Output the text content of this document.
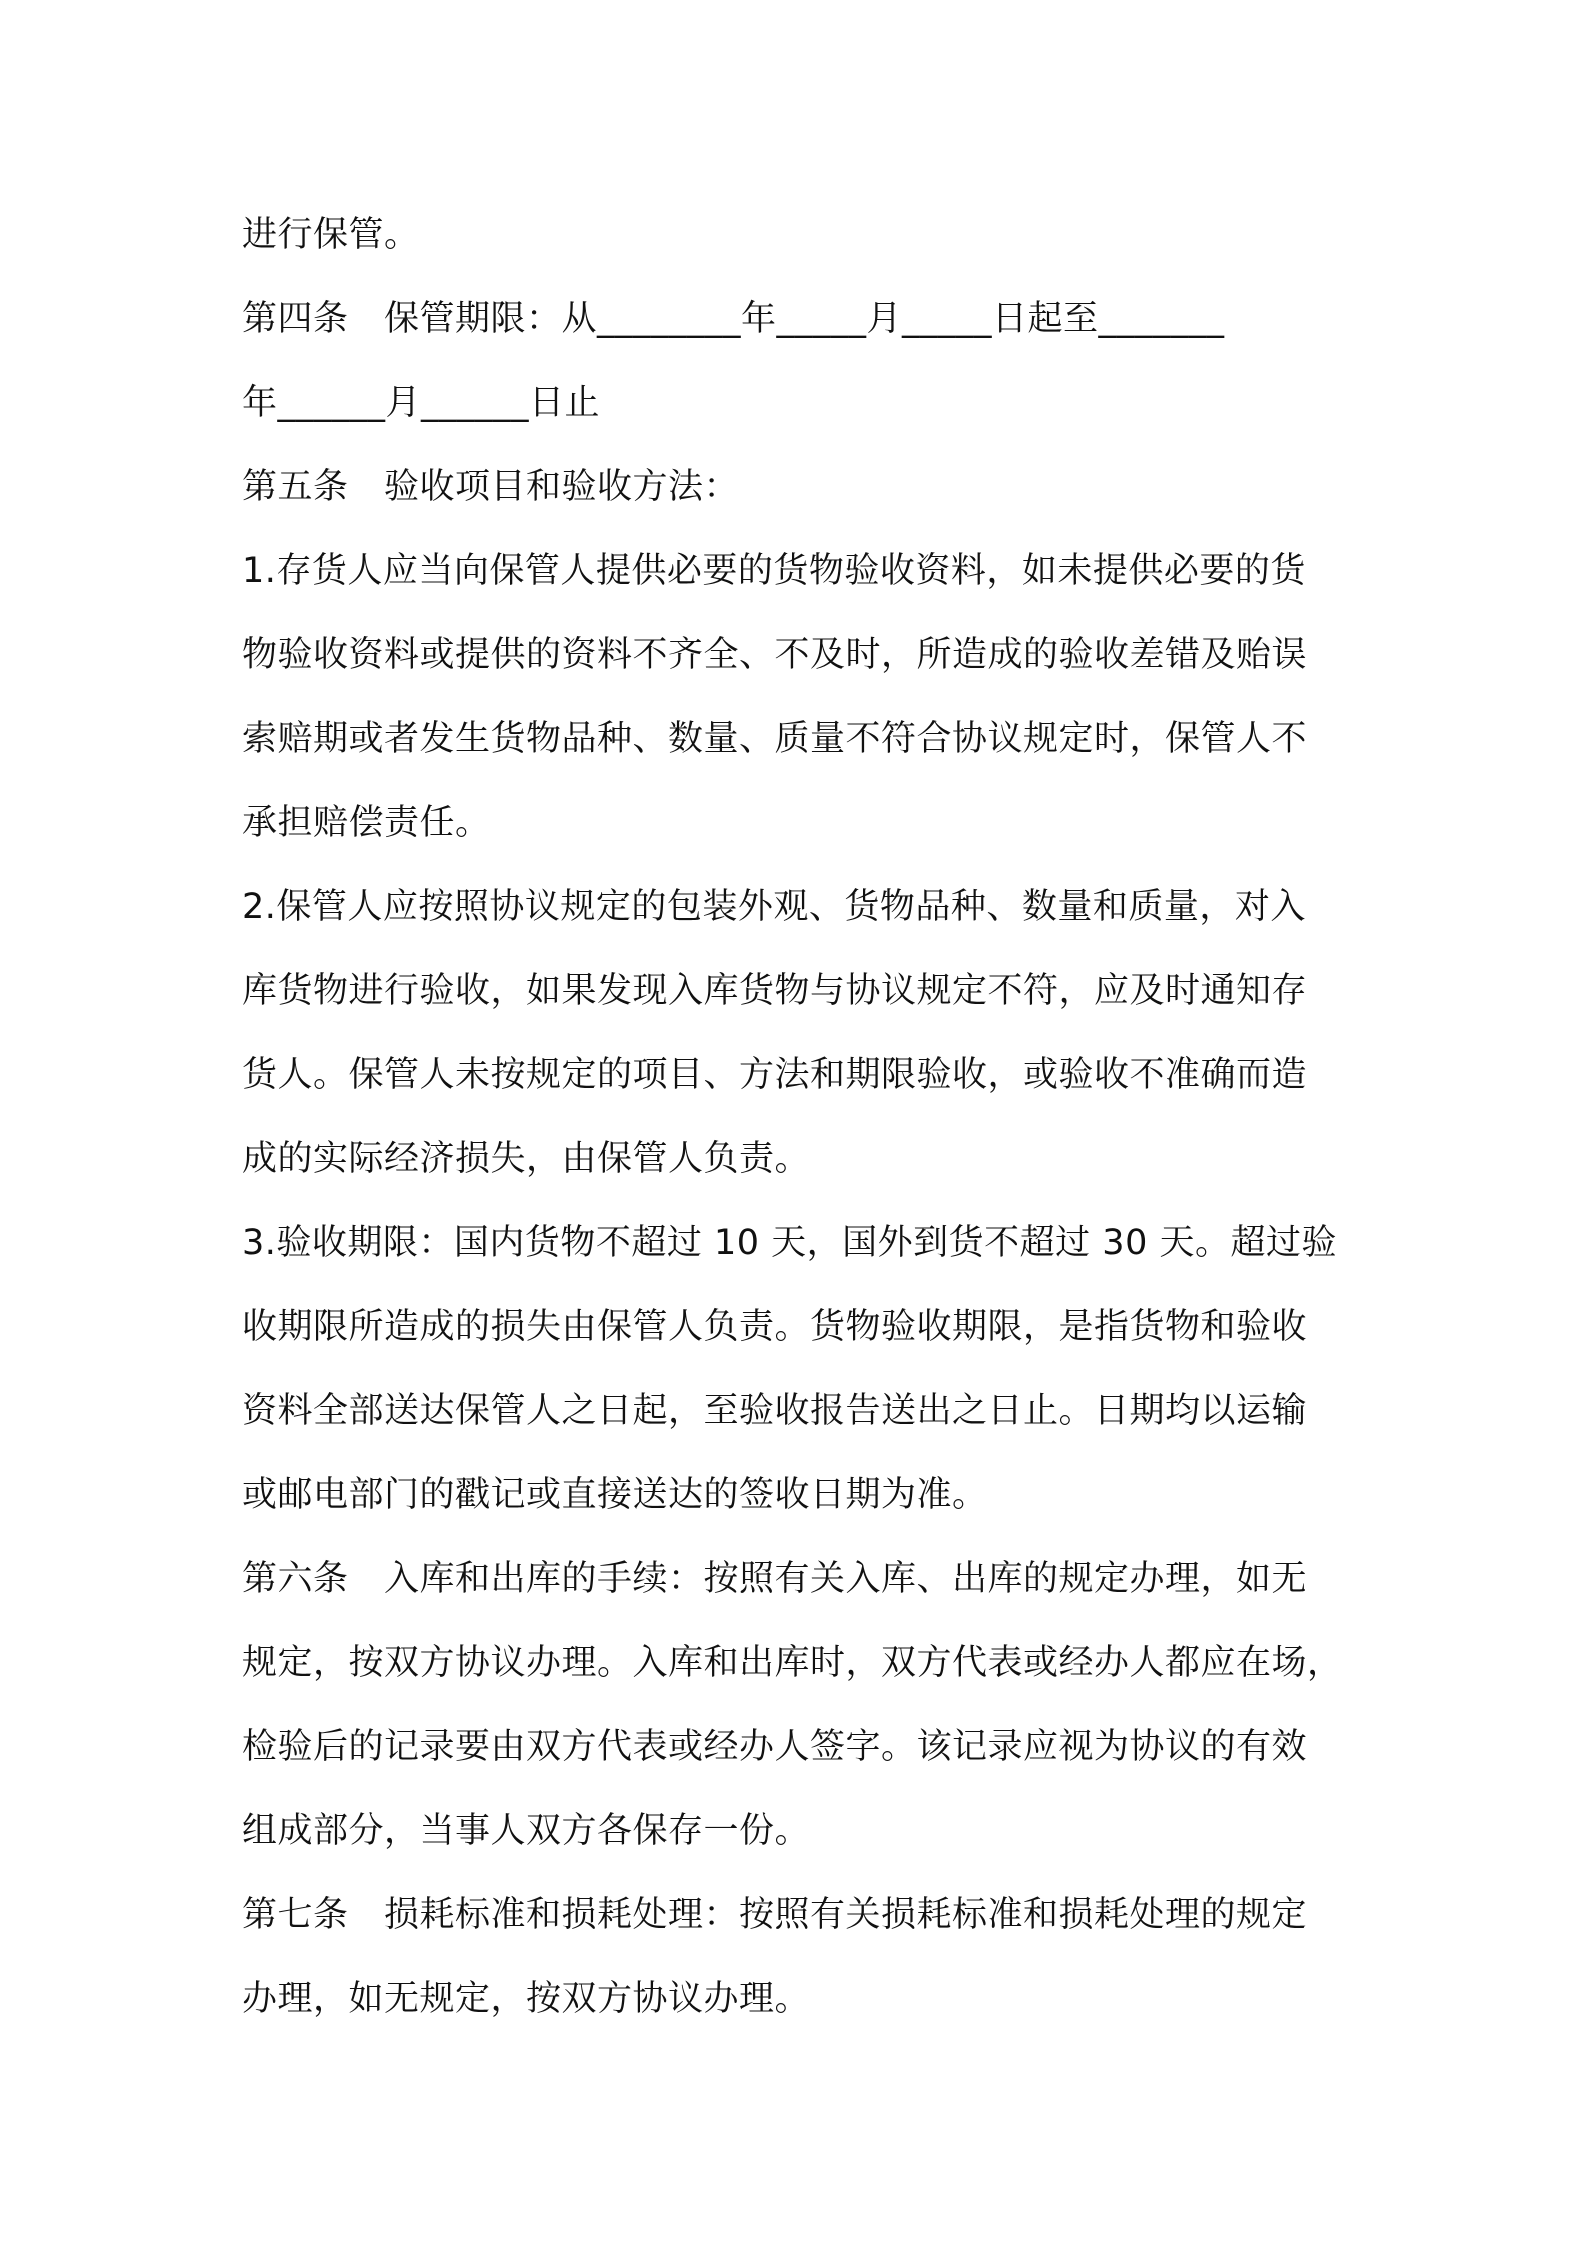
进行保管。
第四条　保管期限：从________年_____月_____日起至_______
年______月______日止
第五条　验收项目和验收方法：
1.存货人应当向保管人提供必要的货物验收资料，如未提供必要的货
物验收资料或提供的资料不齐全、不及时，所造成的验收差错及贻误
索赔期或者发生货物品种、数量、质量不符合协议规定时，保管人不
承担赔偿责任。
2.保管人应按照协议规定的包装外观、货物品种、数量和质量，对入
库货物进行验收，如果发现入库货物与协议规定不符，应及时通知存
货人。保管人未按规定的项目、方法和期限验收，或验收不准确而造
成的实际经济损失，由保管人负责。
3.验收期限：国内货物不超过 10 天，国外到货不超过 30 天。超过验
收期限所造成的损失由保管人负责。货物验收期限，是指货物和验收
资料全部送达保管人之日起，至验收报告送出之日止。日期均以运输
或邮电部门的戳记或直接送达的签收日期为准。
第六条　入库和出库的手续：按照有关入库、出库的规定办理，如无
规定，按双方协议办理。入库和出库时，双方代表或经办人都应在场，
检验后的记录要由双方代表或经办人签字。该记录应视为协议的有效
组成部分，当事人双方各保存一份。
第七条　损耗标准和损耗处理：按照有关损耗标准和损耗处理的规定
办理，如无规定，按双方协议办理。
